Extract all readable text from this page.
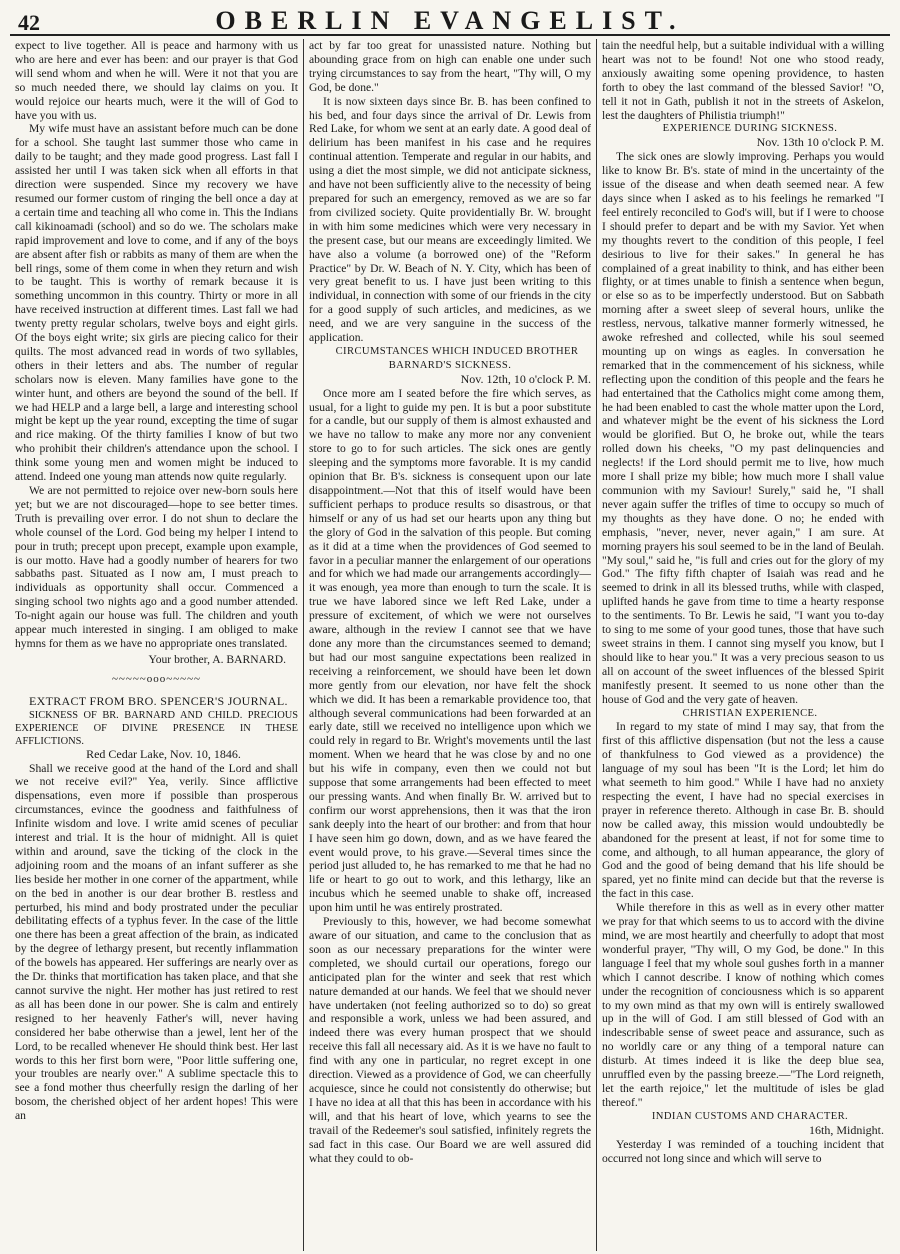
42	OBERLIN EVANGELIST.

expect to live together. All is peace and harmony with us who are here and ever has been: and our prayer is that God will send whom and when he will. Were it not that you are so much needed there, we should lay claims on you. It would rejoice our hearts much, were it the will of God to have you with us.

My wife must have an assistant before much can be done for a school. She taught last summer those who came in daily to be taught; and they made good progress. Last fall I assisted her until I was taken sick when all efforts in that direction were suspended. Since my recovery we have resumed our former custom of ringing the bell once a day at a certain time and teaching all who come in. This the Indians call kikinoamadi (school) and so do we. The scholars make rapid improvement and love to come, and if any of the boys are absent after fish or rabbits as many of them are when the bell rings, some of them come in when they return and wish to be taught. This is worthy of remark because it is something uncommon in this country. Thirty or more in all have received instruction at different times. Last fall we had twenty pretty regular scholars, twelve boys and eight girls. Of the boys eight write; six girls are piecing calico for their quilts. The most advanced read in words of two syllables, others in their letters and abs. The number of regular scholars now is eleven. Many families have gone to the winter hunt, and others are beyond the sound of the bell. If we had HELP and a large bell, a large and interesting school might be kept up the year round, excepting the time of sugar and rice making. Of the thirty families I know of but two who prohibit their children's attendance upon the school. I think some young men and women might be induced to attend. Indeed one young man attends now quite regularly.

We are not permitted to rejoice over new-born souls here yet; but we are not discouraged—hope to see better times. Truth is prevailing over error. I do not shun to declare the whole counsel of the Lord. God being my helper I intend to pour in truth; precept upon precept, example upon example, is our motto. Have had a goodly number of hearers for two sabbaths past. Situated as I now am, I must preach to individuals as opportunity shall occur. Commenced a singing school two nights ago and a good number attended. To-night again our house was full. The children and youth appear much interested in singing. I am obliged to make hymns for them as we have no appropriate ones translated.

Your brother, A. BARNARD.

~~~~~ooo~~~~~

EXTRACT FROM BRO. SPENCER'S JOURNAL.

SICKNESS OF BR. BARNARD AND CHILD. PRECIOUS EXPERIENCE OF DIVINE PRESENCE IN THESE AFFLICTIONS.

Red Cedar Lake, Nov. 10, 1846.

Shall we receive good at the hand of the Lord and shall we not receive evil?" Yea, verily. Since afflictive dispensations, even more if possible than prosperous circumstances, evince the goodness and faithfulness of Infinite wisdom and love. I write amid scenes of peculiar interest and trial. It is the hour of midnight. All is quiet within and around, save the ticking of the clock in the adjoining room and the moans of an infant sufferer as she lies beside her mother in one corner of the appartment, while on the bed in another is our dear brother B. restless and perturbed, his mind and body prostrated under the peculiar debilitating effects of a typhus fever. In the case of the little one there has been a great affection of the brain, as indicated by the degree of lethargy present, but recently inflammation of the bowels has appeared. Her sufferings are nearly over as the Dr. thinks that mortification has taken place, and that she cannot survive the night. Her mother has just retired to rest as all has been done in our power. She is calm and entirely resigned to her heavenly Father's will, never having considered her babe otherwise than a jewel, lent her of the Lord, to be recalled whenever He should think best. Her last words to this her first born were, "Poor little suffering one, your troubles are nearly over." A sublime spectacle this to see a fond mother thus cheerfully resign the darling of her bosom, the cherished object of her ardent hopes! This were an

act by far too great for unassisted nature. Nothing but abounding grace from on high can enable one under such trying circumstances to say from the heart, "Thy will, O my God, be done."

It is now sixteen days since Br. B. has been confined to his bed, and four days since the arrival of Dr. Lewis from Red Lake, for whom we sent at an early date. A good deal of delirium has been manifest in his case and he requires continual attention. Temperate and regular in our habits, and using a diet the most simple, we did not anticipate sickness, and have not been sufficiently alive to the necessity of being prepared for such an emergency, removed as we are so far from civilized society. Quite providentially Br. W. brought in with him some medicines which were very necessary in the present case, but our means are exceedingly limited. We have also a volume (a borrowed one) of the "Reform Practice" by Dr. W. Beach of N. Y. City, which has been of very great benefit to us. I have just been writing to this individual, in connection with some of our friends in the city for a good supply of such articles, and medicines, as we need, and we are very sanguine in the success of the application.

CIRCUMSTANCES WHICH INDUCED BROTHER BARNARD'S SICKNESS.

Nov. 12th, 10 o'clock P. M.

Once more am I seated before the fire which serves, as usual, for a light to guide my pen. It is but a poor substitute for a candle, but our supply of them is almost exhausted and we have no tallow to make any more nor any convenient store to go to for such articles. The sick ones are gently sleeping and the symptoms more favorable. It is my candid opinion that Br. B's. sickness is consequent upon our late disappointment.—Not that this of itself would have been sufficient perhaps to produce results so disastrous, or that himself or any of us had set our hearts upon any thing but the glory of God in the salvation of this people. But coming as it did at a time when the providences of God seemed to favor in a peculiar manner the enlargement of our operations and for which we had made our arrangements accordingly—it was enough, yea more than enough to turn the scale. It is true we have labored since we left Red Lake, under a pressure of excitement, of which we were not ourselves aware, although in the review I cannot see that we have done any more than the circumstances seemed to demand; but had our most sanguine expectations been realized in receiving a reinforcement, we should have been let down more gently from our elevation, nor have felt the shock which we did. It has been a remarkable providence too, that although several communications had been forwarded at an early date, still we received no intelligence upon which we could rely in regard to Br. Wright's movements until the last moment. When we heard that he was close by and no one but his wife in company, even then we could not but suppose that some arrangements had been effected to meet our pressing wants. And when finally Br. W. arrived but to confirm our worst apprehensions, then it was that the iron sank deeply into the heart of our brother: and from that hour I have seen him go down, down, and as we have feared the event would prove, to his grave.—Several times since the period just alluded to, he has remarked to me that he had no life or heart to go out to work, and this lethargy, like an incubus which he seemed unable to shake off, increased upon him until he was entirely prostrated.

Previously to this, however, we had become somewhat aware of our situation, and came to the conclusion that as soon as our necessary preparations for the winter were completed, we should curtail our operations, forego our anticipated plan for the winter and seek that rest which nature demanded at our hands. We feel that we should never have undertaken (not feeling authorized so to do) so great and responsible a work, unless we had been assured, and indeed there was every human prospect that we should receive this fall all necessary aid. As it is we have no fault to find with any one in particular, no regret except in one direction. Viewed as a providence of God, we can cheerfully acquiesce, since he could not consistently do otherwise; but I have no idea at all that this has been in accordance with his will, and that his heart of love, which yearns to see the travail of the Redeemer's soul satisfied, infinitely regrets the sad fact in this case. Our Board we are well assured did what they could to ob-

tain the needful help, but a suitable individual with a willing heart was not to be found! Not one who stood ready, anxiously awaiting some opening providence, to hasten forth to obey the last command of the blessed Savior! "O, tell it not in Gath, publish it not in the streets of Askelon, lest the daughters of Philistia triumph!"

EXPERIENCE DURING SICKNESS.

Nov. 13th 10 o'clock P. M.

The sick ones are slowly improving. Perhaps you would like to know Br. B's. state of mind in the uncertainty of the issue of the disease and when death seemed near. A few days since when I asked as to his feelings he remarked "I feel entirely reconciled to God's will, but if I were to choose I should prefer to depart and be with my Savior. Yet when my thoughts revert to the condition of this people, I feel desirious to live for their sakes." In general he has complained of a great inability to think, and has either been flighty, or at times unable to finish a sentence when begun, or else so as to be imperfectly understood. But on Sabbath morning after a sweet sleep of several hours, unlike the restless, nervous, talkative manner formerly witnessed, he awoke refreshed and collected, while his soul seemed mounting up on wings as eagles. In conversation he remarked that in the commencement of his sickness, while reflecting upon the condition of this people and the fears he had entertained that the Catholics might come among them, he had been enabled to cast the whole matter upon the Lord, and whatever might be the event of his sickness the Lord would be glorified. But O, he broke out, while the tears rolled down his cheeks, "O my past delinquencies and neglects! if the Lord should permit me to live, how much more I shall prize my bible; how much more I shall value communion with my Saviour! Surely," said he, "I shall never again suffer the trifles of time to occupy so much of my thoughts as they have done. O no; he ended with emphasis, "never, never, never again," I am sure. At morning prayers his soul seemed to be in the land of Beulah. "My soul," said he, "is full and cries out for the glory of my God." The fifty fifth chapter of Isaiah was read and he seemed to drink in all its blessed truths, while with clasped, uplifted hands he gave from time to time a hearty response to the sentiments. To Br. Lewis he said, "I want you to-day to sing to me some of your good tunes, those that have such sweet strains in them. I cannot sing myself you know, but I should like to hear you." It was a very precious season to us all on account of the sweet influences of the blessed Spirit manifestly present. It seemed to us none other than the house of God and the very gate of heaven.

CHRISTIAN EXPERIENCE.

In regard to my state of mind I may say, that from the first of this afflictive dispensation (but not the less a cause of thankfulness to God viewed as a providence) the language of my soul has been "It is the Lord; let him do what seemeth to him good." While I have had no anxiety respecting the event, I have had no special exercises in prayer in reference thereto. Although in case Br. B. should now be called away, this mission would undoubtedly be abandoned for the present at least, if not for some time to come, and although, to all human appearance, the glory of God and the good of being demand that his life should be spared, yet no finite mind can decide but that the reverse is the fact in this case.

While therefore in this as well as in every other matter we pray for that which seems to us to accord with the divine mind, we are most heartily and cheerfully to adopt that most wonderful prayer, "Thy will, O my God, be done." In this language I feel that my whole soul gushes forth in a manner which I cannot describe. I know of nothing which comes under the recognition of conciousness which is so apparent to my own mind as that my own will is entirely swallowed up in the will of God. I am still blessed of God with an indescribable sense of sweet peace and assurance, such as no worldly care or any thing of a temporal nature can disturb. At times indeed it is like the deep blue sea, unruffled even by the passing breeze.—"The Lord reigneth, let the earth rejoice," let the multitude of isles be glad thereof."

INDIAN CUSTOMS AND CHARACTER.

16th, Midnight.

Yesterday I was reminded of a touching incident that occurred not long since and which will serve to
